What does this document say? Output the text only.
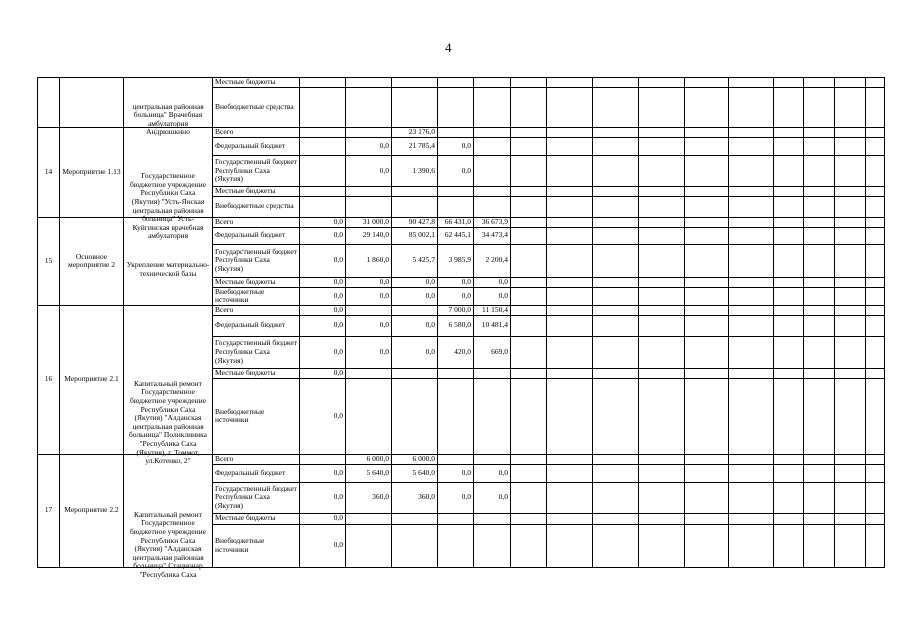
4

		центральная районная больница" Врачебная амбулатория Андрюшкино	Местные бюджеты															
			Внебюджетные средства															
14	Мероприятие 1.13	Государственное бюджетное учреждение Республики Саха (Якутия) "Усть-Янская центральная районная больница" Усть-Куйгинская врачебная амбулатория	Всего			23 176,0												
			Федеральный бюджет		0,0	21 785,4	0,0											
			Государственный бюджет Республики Саха (Якутия)		0,0	1 390,6	0,0											
			Местные бюджеты															
			Внебюджетные средства															
15	Основное мероприятие 2	Укрепление материально-технической базы	Всего	0,0	31 000,0	90 427,8	66 431,0	36 673,9										
			Федеральный бюджет	0,0	29 140,0	85 002,1	62 445,1	34 473,4										
			Государственный бюджет Республики Саха (Якутия)	0,0	1 860,0	5 425,7	3 985,9	2 200,4										
			Местные бюджеты	0,0	0,0	0,0	0,0	0,0										
			Внебюджетные источники	0,0	0,0	0,0	0,0	0,0										
16	Мероприятие 2.1	Капитальный ремонт Государственное бюджетное учреждение Республики Саха (Якутия) "Алданская центральная районная больница" Поликлиника "Республика Саха (Якутия), г. Томмот, ул.Котенко, 2"	Всего	0,0			7 000,0	11 150,4										
			Федеральный бюджет	0,0	0,0	0,0	6 580,0	10 481,4										
			Государственный бюджет Республики Саха (Якутия)	0,0	0,0	0,0	420,0	669,0										
			Местные бюджеты	0,0														
			Внебюджетные источники	0,0														
17	Мероприятие 2.2	Капитальный ремонт Государственное бюджетное учреждение Республики Саха (Якутия) "Алданская центральная районная больница" Стационар "Республика Саха	Всего		6 000,0	6 000,0												
			Федеральный бюджет	0,0	5 640,0	5 640,0	0,0	0,0										
			Государственный бюджет Республики Саха (Якутия)	0,0	360,0	360,0	0,0	0,0										
			Местные бюджеты	0,0														
			Внебюджетные источники	0,0														
